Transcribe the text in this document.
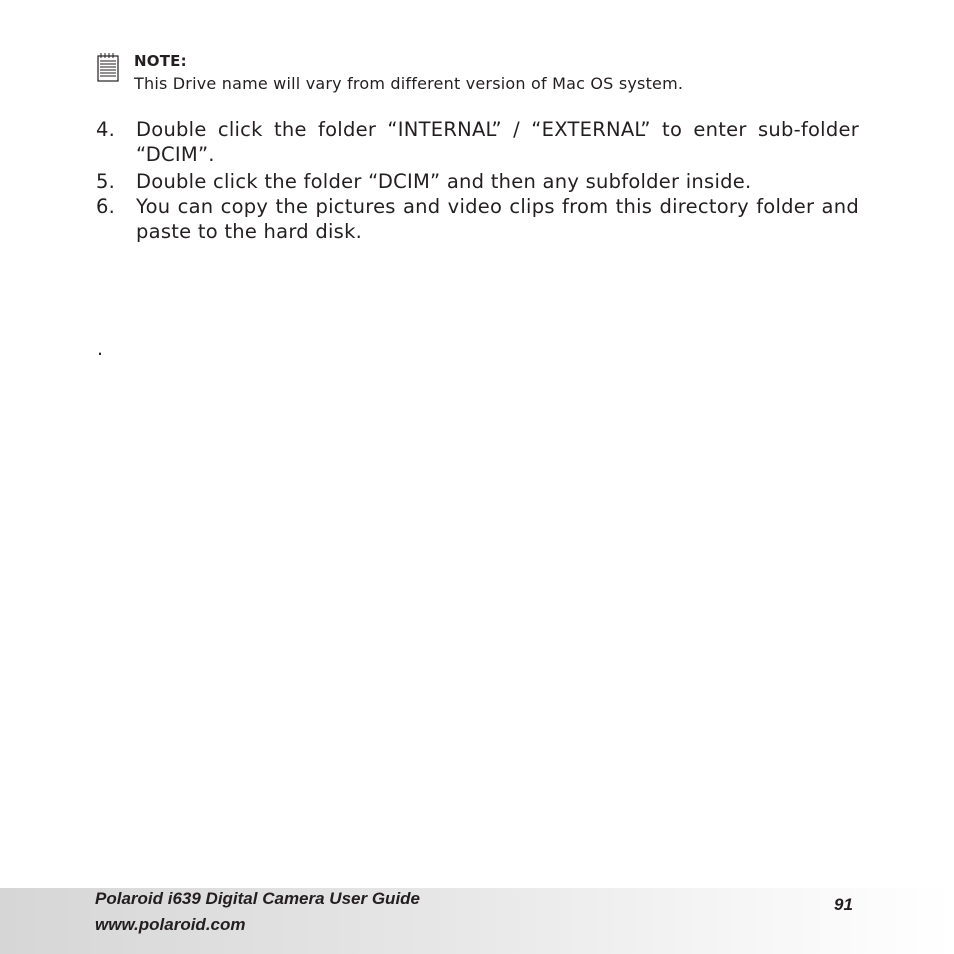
NOTE:
This Drive name will vary from different version of Mac OS system.
4. Double click the folder “INTERNAL” / “EXTERNAL” to enter sub-folder “DCIM”.
5. Double click the folder “DCIM” and then any subfolder inside.
6. You can copy the pictures and video clips from this directory folder and paste to the hard disk.
.
Polaroid i639 Digital Camera User Guide
www.polaroid.com
91
